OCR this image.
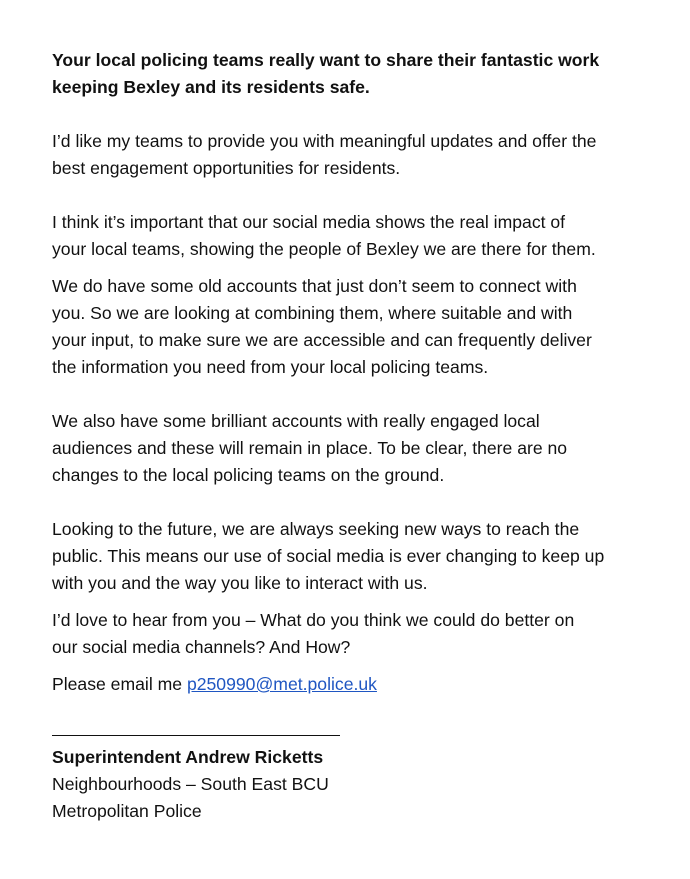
Your local policing teams really want to share their fantastic work
keeping Bexley and its residents safe.

I’d like my teams to provide you with meaningful updates and offer the
best engagement opportunities for residents.

I think it’s important that our social media shows the real impact of
your local teams, showing the people of Bexley we are there for them.

We do have some old accounts that just don’t seem to connect with
you. So we are looking at combining them, where suitable and with
your input, to make sure we are accessible and can frequently deliver
the information you need from your local policing teams.

We also have some brilliant accounts with really engaged local
audiences and these will remain in place. To be clear, there are no
changes to the local policing teams on the ground.

Looking to the future, we are always seeking new ways to reach the
public. This means our use of social media is ever changing to keep up
with you and the way you like to interact with us.

I’d love to hear from you – What do you think we could do better on
our social media channels? And How?

Please email me p250990@met.police.uk

Superintendent Andrew Ricketts
Neighbourhoods – South East BCU
Metropolitan Police
